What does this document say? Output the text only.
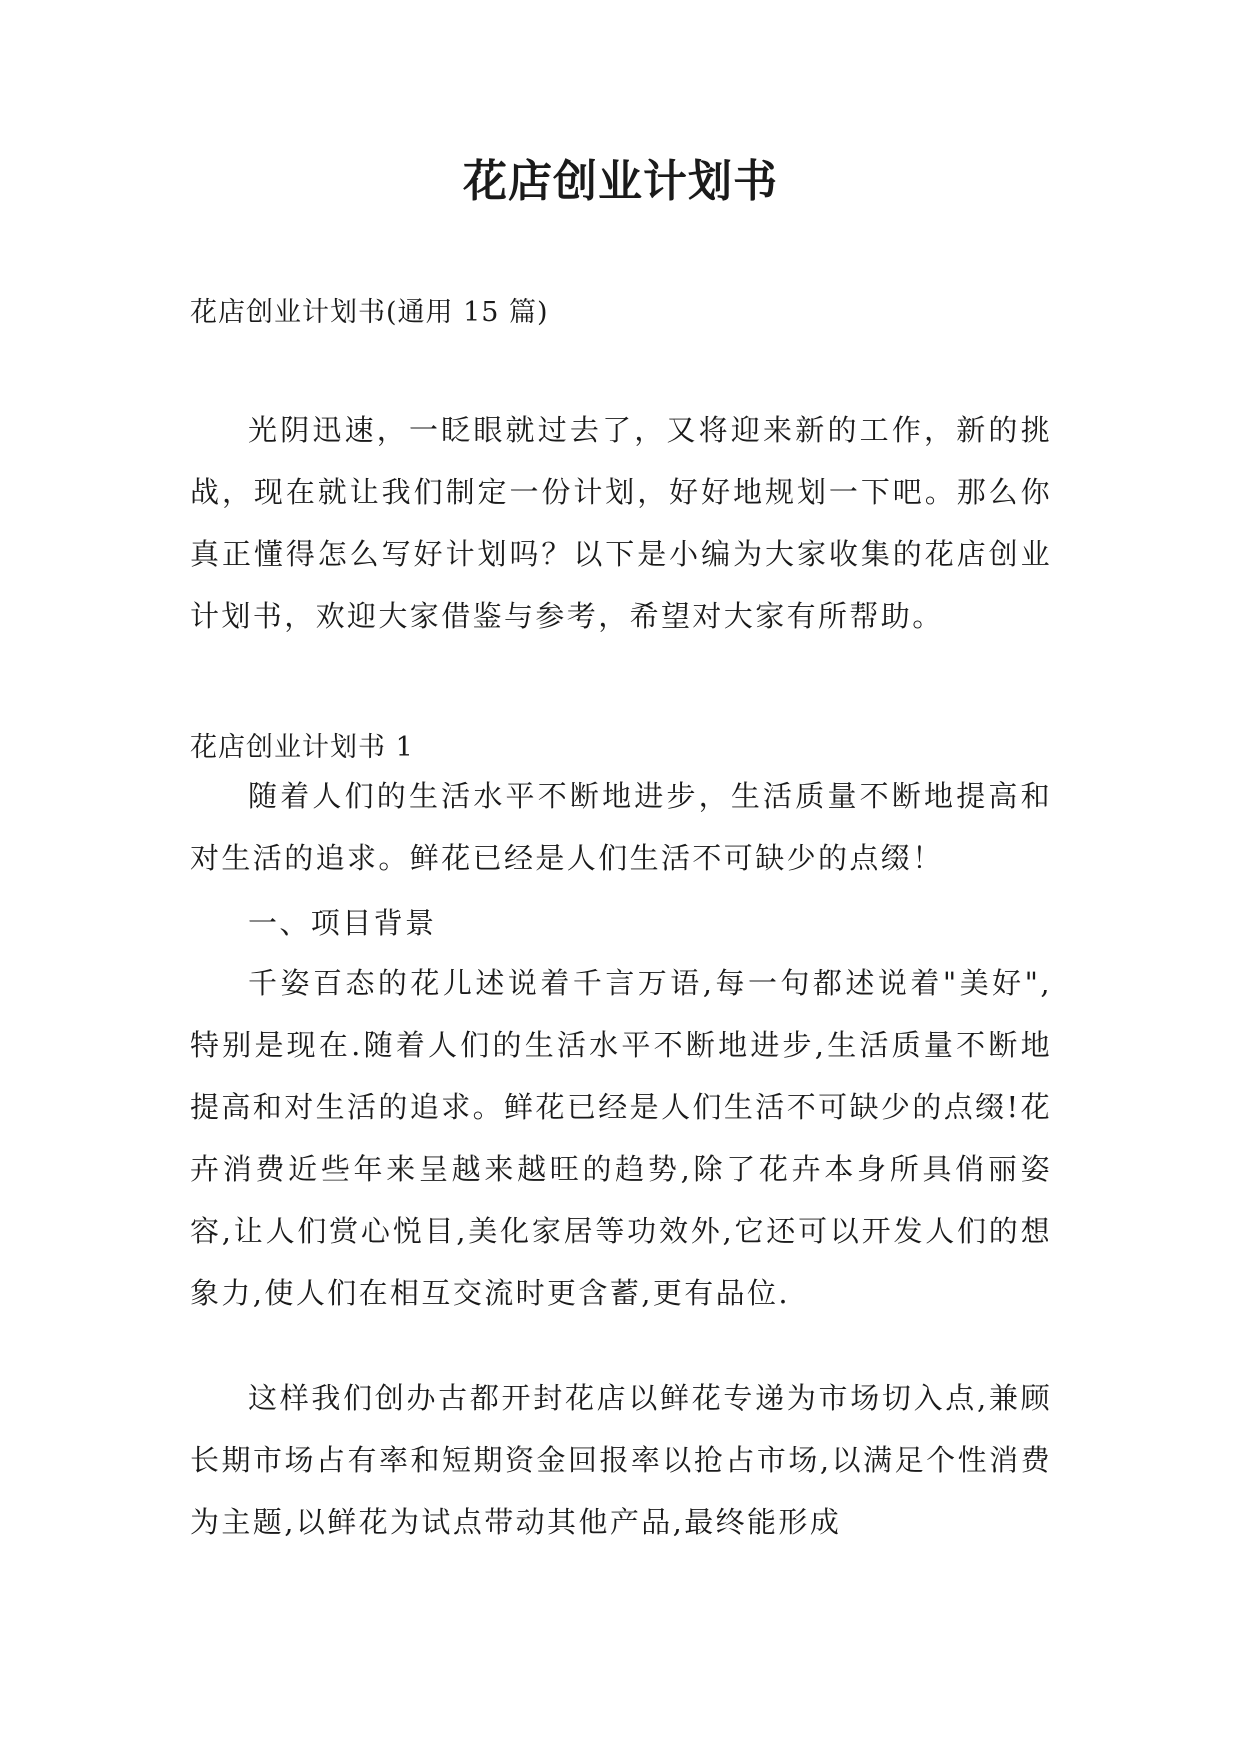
花店创业计划书
花店创业计划书(通用 15 篇)

光阴迅速，一眨眼就过去了，又将迎来新的工作，新的挑战，现在就让我们制定一份计划，好好地规划一下吧。那么你真正懂得怎么写好计划吗？以下是小编为大家收集的花店创业计划书，欢迎大家借鉴与参考，希望对大家有所帮助。

花店创业计划书 1

随着人们的生活水平不断地进步，生活质量不断地提高和对生活的追求。鲜花已经是人们生活不可缺少的点缀！

一、项目背景

千姿百态的花儿述说着千言万语,每一句都述说着"美好",特别是现在.随着人们的生活水平不断地进步,生活质量不断地提高和对生活的追求。鲜花已经是人们生活不可缺少的点缀!花卉消费近些年来呈越来越旺的趋势,除了花卉本身所具俏丽姿容,让人们赏心悦目,美化家居等功效外,它还可以开发人们的想象力,使人们在相互交流时更含蓄,更有品位.

这样我们创办古都开封花店以鲜花专递为市场切入点,兼顾长期市场占有率和短期资金回报率以抢占市场,以满足个性消费为主题,以鲜花为试点带动其他产品,最终能形成
